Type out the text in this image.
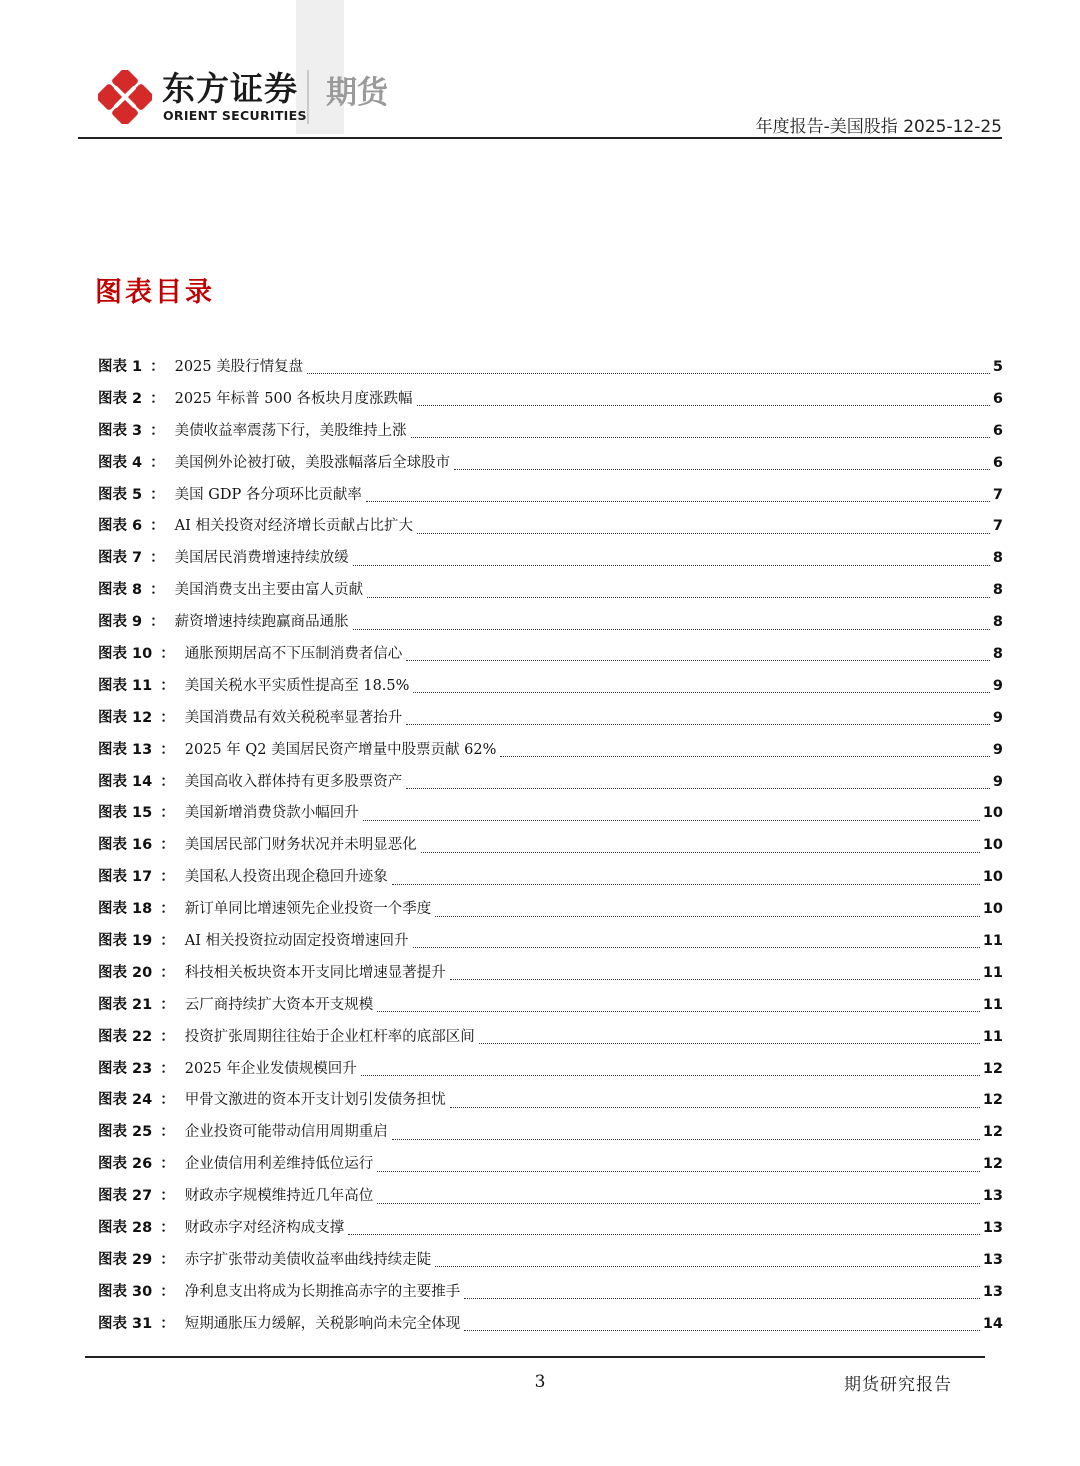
东方证券
ORIENT SECURITIES
期货
年度报告-美国股指 2025-12-25
图表目录
图表 1 ： 2025 美股行情复盘	5
图表 2 ： 2025 年标普 500 各板块月度涨跌幅	6
图表 3 ： 美债收益率震荡下行，美股维持上涨	6
图表 4 ： 美国例外论被打破，美股涨幅落后全球股市	6
图表 5 ： 美国 GDP 各分项环比贡献率	7
图表 6 ： AI 相关投资对经济增长贡献占比扩大	7
图表 7 ： 美国居民消费增速持续放缓	8
图表 8 ： 美国消费支出主要由富人贡献	8
图表 9 ： 薪资增速持续跑赢商品通胀	8
图表 10 ： 通胀预期居高不下压制消费者信心	8
图表 11 ： 美国关税水平实质性提高至 18.5%	9
图表 12 ： 美国消费品有效关税税率显著抬升	9
图表 13 ： 2025 年 Q2 美国居民资产增量中股票贡献 62%	9
图表 14 ： 美国高收入群体持有更多股票资产	9
图表 15 ： 美国新增消费贷款小幅回升	10
图表 16 ： 美国居民部门财务状况并未明显恶化	10
图表 17 ： 美国私人投资出现企稳回升迹象	10
图表 18 ： 新订单同比增速领先企业投资一个季度	10
图表 19 ： AI 相关投资拉动固定投资增速回升	11
图表 20 ： 科技相关板块资本开支同比增速显著提升	11
图表 21 ： 云厂商持续扩大资本开支规模	11
图表 22 ： 投资扩张周期往往始于企业杠杆率的底部区间	11
图表 23 ： 2025 年企业发债规模回升	12
图表 24 ： 甲骨文激进的资本开支计划引发债务担忧	12
图表 25 ： 企业投资可能带动信用周期重启	12
图表 26 ： 企业债信用利差维持低位运行	12
图表 27 ： 财政赤字规模维持近几年高位	13
图表 28 ： 财政赤字对经济构成支撑	13
图表 29 ： 赤字扩张带动美债收益率曲线持续走陡	13
图表 30 ： 净利息支出将成为长期推高赤字的主要推手	13
图表 31 ： 短期通胀压力缓解，关税影响尚未完全体现	14
3	期货研究报告
